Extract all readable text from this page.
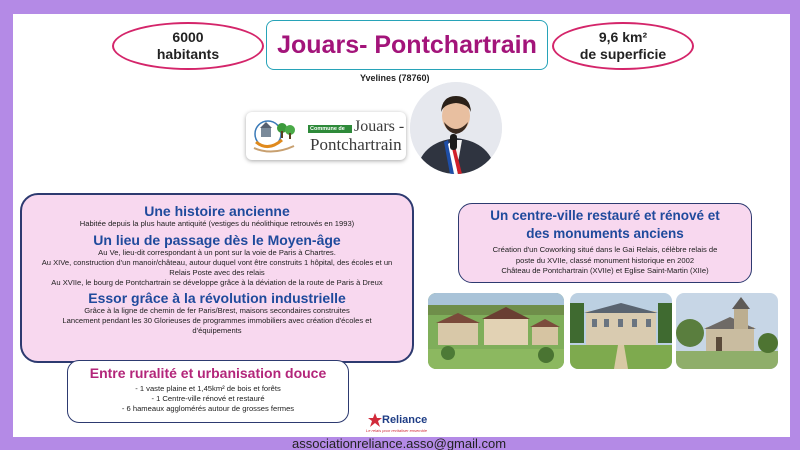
6000
habitants Jouars- Pontchartrain	9,6 km²
de superficie
Yvelines (78760)
Commune de Jouars -
Pontchartrain
Une histoire ancienne
Habitée depuis la plus haute antiquité (vestiges du néolithique retrouvés en 1993)
Un lieu de passage dès le Moyen-âge
Au Ve, lieu-dit correspondant à un pont sur la voie de Paris à Chartres.
Au XIVe, construction d'un manoir/château, autour duquel vont être construits 1 hôpital, des écoles et un Relais Poste avec des relais
Au XVIIe, le bourg de Pontchartrain se développe grâce à la déviation de la route de Paris à Dreux
Essor grâce à la révolution industrielle
Grâce à la ligne de chemin de fer Paris/Brest, maisons secondaires construites
Lancement pendant les 30 Glorieuses de programmes immobiliers avec création d'écoles et d'équipements
Entre ruralité et urbanisation douce
- 1 vaste plaine et 1,45km² de bois et forêts
- 1 Centre-ville rénové et restauré
- 6 hameaux agglomérés autour de grosses fermes
Un centre-ville restauré et rénové et
des monuments anciens
Création d'un Coworking situé dans le Gai Relais, célèbre relais de
poste du XVIIe, classé monument historique en 2002
Château de Pontchartrain (XVIIe) et Eglise Saint-Martin (XIIe)
Reliance
Le relais pour revitaliser ensemble
associationreliance.asso@gmail.com
